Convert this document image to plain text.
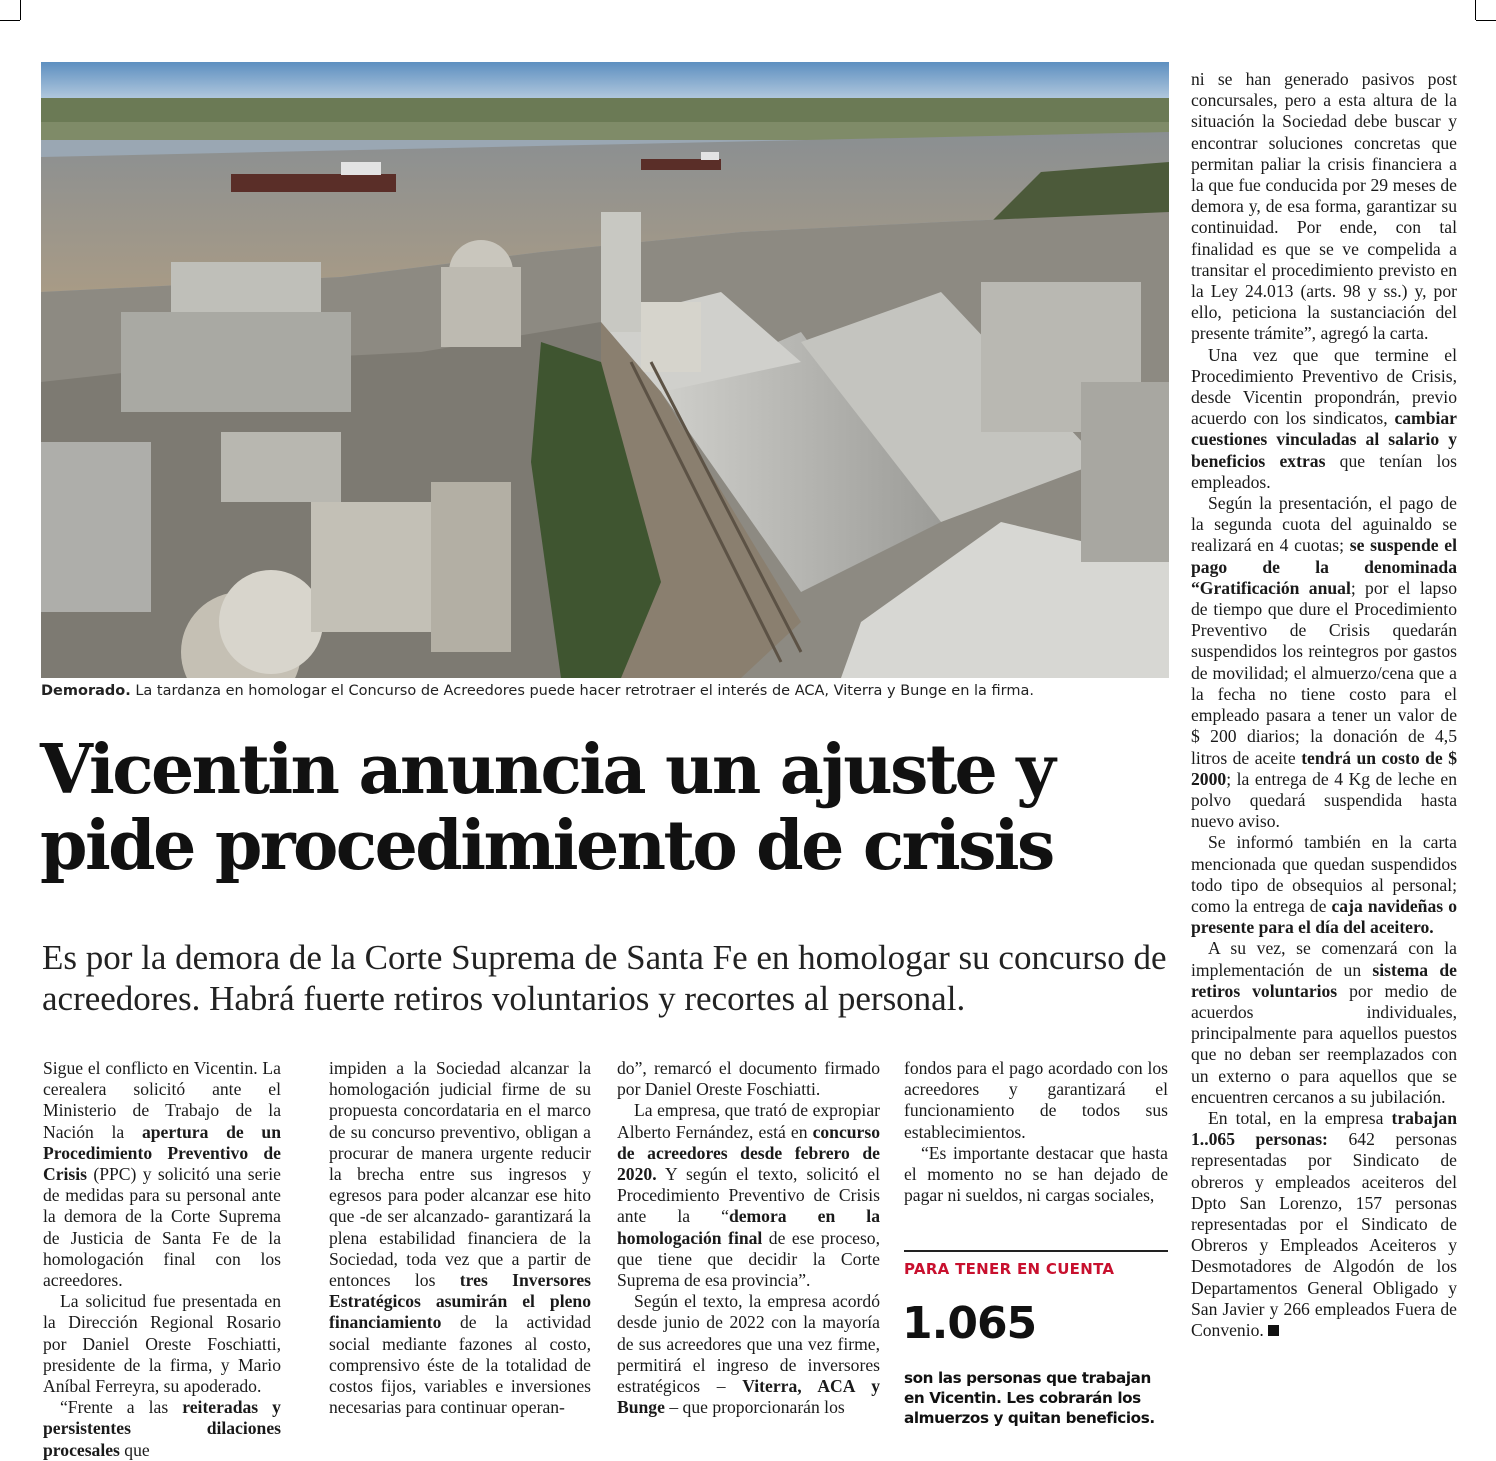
Demorado. La tardanza en homologar el Concurso de Acreedores puede hacer retrotraer el interés de ACA, Viterra y Bunge en la firma.
Vicentin anuncia un ajuste y
pide procedimiento de crisis
Es por la demora de la Corte Suprema de Santa Fe en homologar su concurso de acreedores. Habrá fuerte retiros voluntarios y recortes al personal.

Sigue el conflicto en Vicentin. La cerealera solicitó ante el Ministerio de Trabajo de la Nación la apertura de un Procedimiento Preventivo de Crisis (PPC) y solicitó una serie de medidas para su personal ante la demora de la Corte Suprema de Justicia de Santa Fe de la homologación final con los acreedores.

La solicitud fue presentada en la Dirección Regional Rosario por Daniel Oreste Foschiatti, presidente de la firma, y Mario Aníbal Ferreyra, su apoderado.

“Frente a las reiteradas y persistentes dilaciones procesales que

impiden a la Sociedad alcanzar la homologación judicial firme de su propuesta concordataria en el marco de su concurso preventivo, obligan a procurar de manera urgente reducir la brecha entre sus ingresos y egresos para poder alcanzar ese hito que -de ser alcanzado- garantizará la plena estabilidad financiera de la Sociedad, toda vez que a partir de entonces los tres Inversores Estratégicos asumirán el pleno financiamiento de la actividad social mediante fazones al costo, comprensivo éste de la totalidad de costos fijos, variables e inversiones necesarias para continuar operan-

do”, remarcó el documento firmado por Daniel Oreste Foschiatti.

La empresa, que trató de expropiar Alberto Fernández, está en concurso de acreedores desde febrero de 2020. Y según el texto, solicitó el Procedimiento Preventivo de Crisis ante la “demora en la homologación final de ese proceso, que tiene que decidir la Corte Suprema de esa provincia”.

Según el texto, la empresa acordó desde junio de 2022 con la mayoría de sus acreedores que una vez firme, permitirá el ingreso de inversores estratégicos – Viterra, ACA y Bunge – que proporcionarán los

fondos para el pago acordado con los acreedores y garantizará el funcionamiento de todos sus establecimientos.

“Es importante destacar que hasta el momento no se han dejado de pagar ni sueldos, ni cargas sociales,

PARA TENER EN CUENTA
1.065
son las personas que trabajan en Vicentin. Les cobrarán los almuerzos y quitan beneficios.

ni se han generado pasivos post concursales, pero a esta altura de la situación la Sociedad debe buscar y encontrar soluciones concretas que permitan paliar la crisis financiera a la que fue conducida por 29 meses de demora y, de esa forma, garantizar su continuidad. Por ende, con tal finalidad es que se ve compelida a transitar el procedimiento previsto en la Ley 24.013 (arts. 98 y ss.) y, por ello, peticiona la sustanciación del presente trámite”, agregó la carta.

Una vez que que termine el Procedimiento Preventivo de Crisis, desde Vicentin propondrán, previo acuerdo con los sindicatos, cambiar cuestiones vinculadas al salario y beneficios extras que tenían los empleados.

Según la presentación, el pago de la segunda cuota del aguinaldo se realizará en 4 cuotas; se suspende el pago de la denominada “Gratificación anual; por el lapso de tiempo que dure el Procedimiento Preventivo de Crisis quedarán suspendidos los reintegros por gastos de movilidad; el almuerzo/cena que a la fecha no tiene costo para el empleado pasara a tener un valor de $ 200 diarios; la donación de 4,5 litros de aceite tendrá un costo de $ 2000; la entrega de 4 Kg de leche en polvo quedará suspendida hasta nuevo aviso.

Se informó también en la carta mencionada que quedan suspendidos todo tipo de obsequios al personal; como la entrega de caja navideñas o presente para el día del aceitero.

A su vez, se comenzará con la implementación de un sistema de retiros voluntarios por medio de acuerdos individuales, principalmente para aquellos puestos que no deban ser reemplazados con un externo o para aquellos que se encuentren cercanos a su jubilación.

En total, en la empresa trabajan 1..065 personas: 642 personas representadas por Sindicato de obreros y empleados aceiteros del Dpto San Lorenzo, 157 personas representadas por el Sindicato de Obreros y Empleados Aceiteros y Desmotadores de Algodón de los Departamentos General Obligado y San Javier y 266 empleados Fuera de Convenio.
